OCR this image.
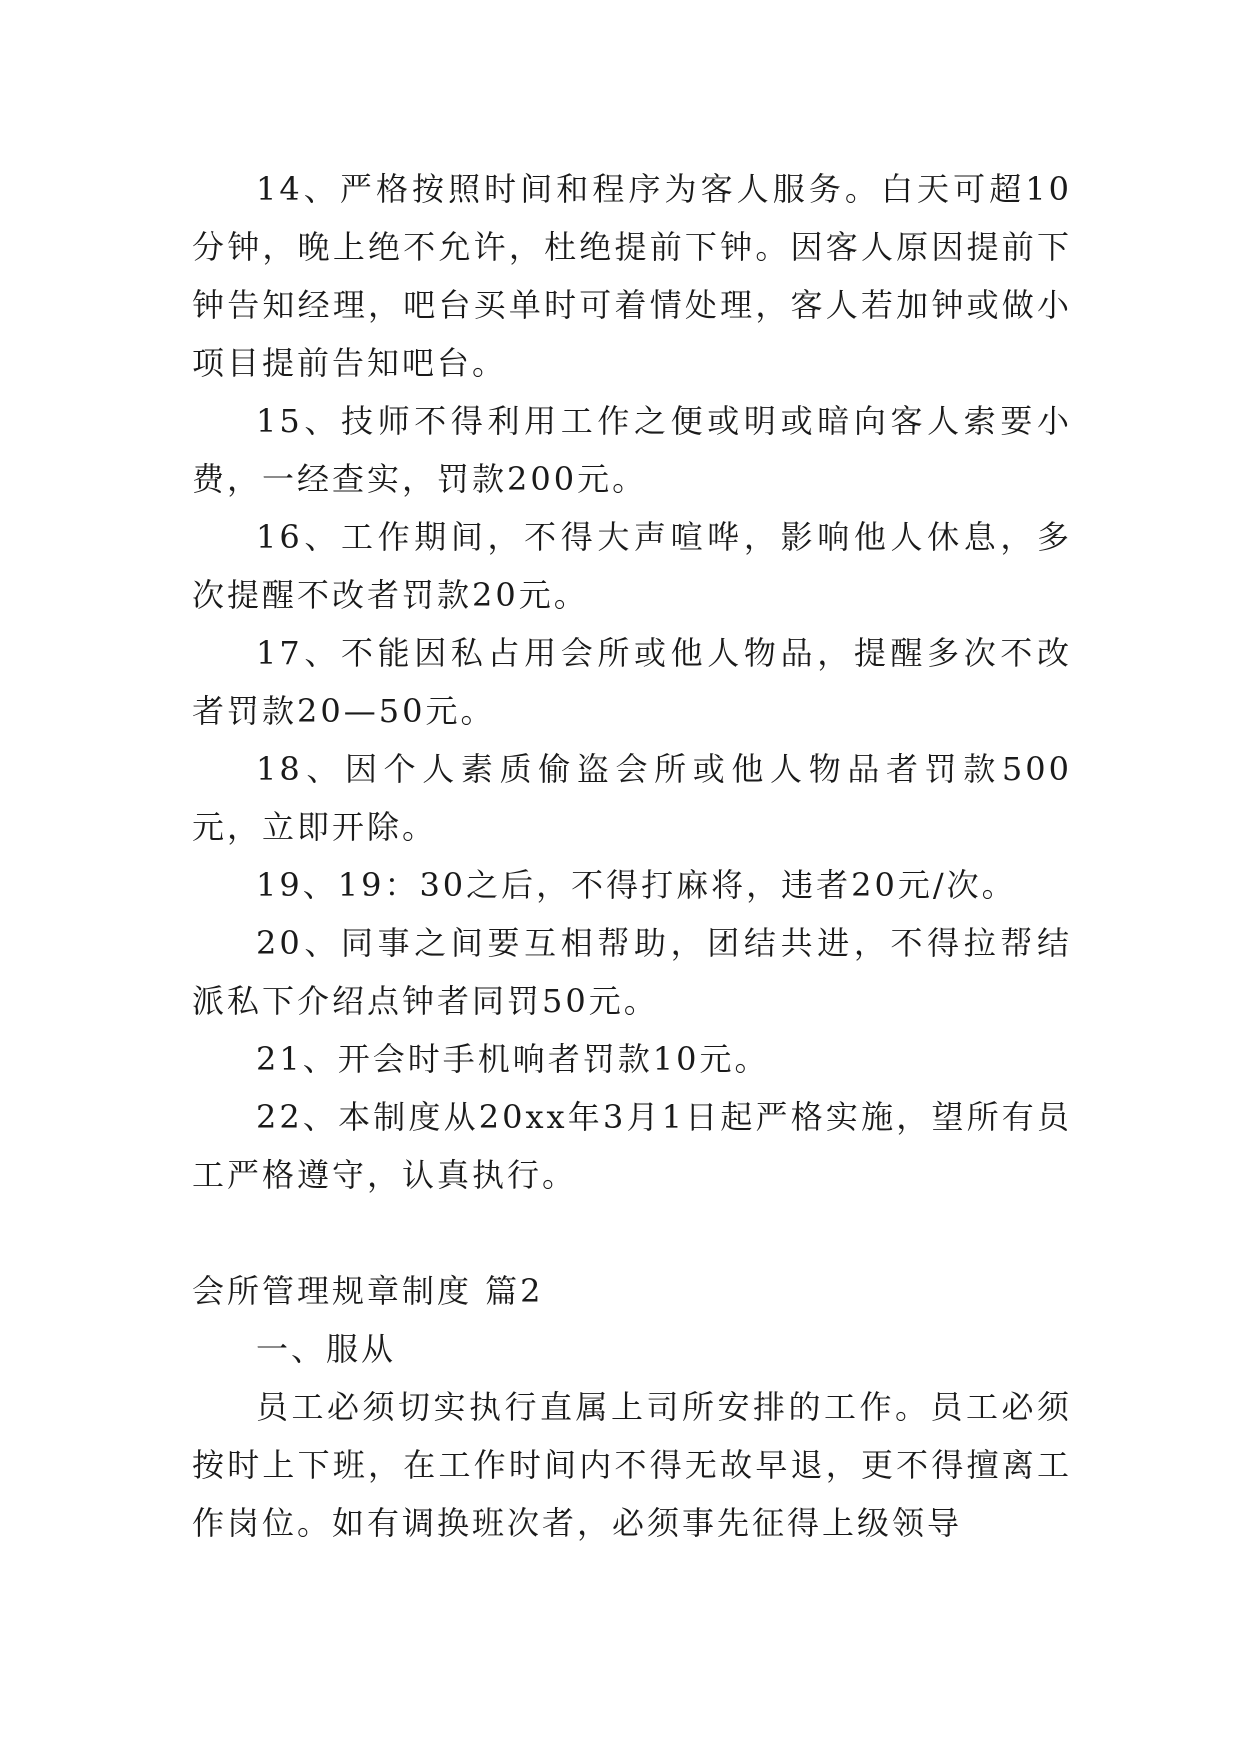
14、严格按照时间和程序为客人服务。白天可超10分钟，晚上绝不允许，杜绝提前下钟。因客人原因提前下钟告知经理，吧台买单时可着情处理，客人若加钟或做小项目提前告知吧台。

15、技师不得利用工作之便或明或暗向客人索要小费，一经查实，罚款200元。

16、工作期间，不得大声喧哗，影响他人休息，多次提醒不改者罚款20元。

17、不能因私占用会所或他人物品，提醒多次不改者罚款20—50元。

18、因个人素质偷盗会所或他人物品者罚款500元，立即开除。

19、19：30之后，不得打麻将，违者20元/次。

20、同事之间要互相帮助，团结共进，不得拉帮结派私下介绍点钟者同罚50元。

21、开会时手机响者罚款10元。

22、本制度从20xx年3月1日起严格实施，望所有员工严格遵守，认真执行。

会所管理规章制度 篇2

一、服从

员工必须切实执行直属上司所安排的工作。员工必须按时上下班，在工作时间内不得无故早退，更不得擅离工作岗位。如有调换班次者，必须事先征得上级领导
